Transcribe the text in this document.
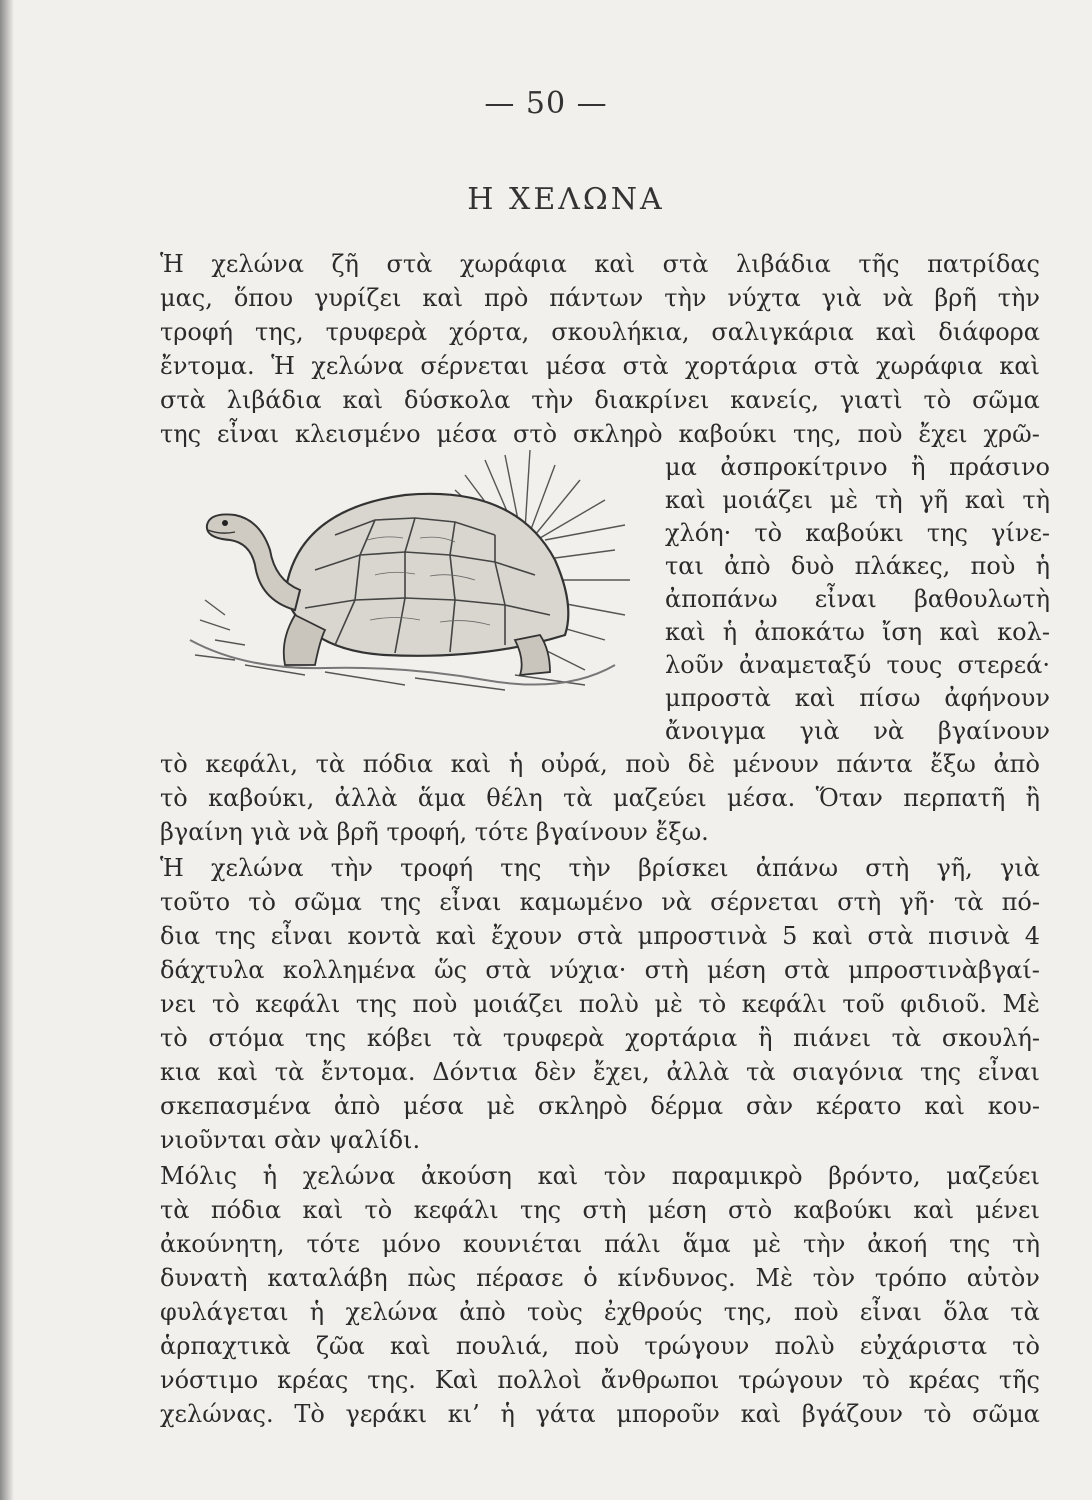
— 50 —
Η ΧΕΛΩΝΑ
Ἡ χελώνα ζῆ στὰ χωράφια καὶ στὰ λιβάδια τῆς πατρίδας
μας, ὅπου γυρίζει καὶ πρὸ πάντων τὴν νύχτα γιὰ νὰ βρῆ τὴν
τροφή της, τρυφερὰ χόρτα, σκουλήκια, σαλιγκάρια καὶ διάφορα
ἔντομα. Ἡ χελώνα σέρνεται μέσα στὰ χορτάρια στὰ χωράφια καὶ
στὰ λιβάδια καὶ δύσκολα τὴν διακρίνει κανείς, γιατὶ τὸ σῶμα
της εἶναι κλεισμένο μέσα στὸ σκληρὸ καβούκι της, ποὺ ἔχει χρῶ-
μα ἀσπροκίτρινο ἢ πράσινο
καὶ μοιάζει μὲ τὴ γῆ καὶ τὴ
χλόη· τὸ καβούκι της γίνε-
ται ἀπὸ δυὸ πλάκες, ποὺ ἡ
ἀποπάνω εἶναι βαθουλωτὴ
καὶ ἡ ἀποκάτω ἴση καὶ κολ-
λοῦν ἀναμεταξύ τους στερεά·
μπροστὰ καὶ πίσω ἀφήνουν
ἄνοιγμα γιὰ νὰ βγαίνουν
τὸ κεφάλι, τὰ πόδια καὶ ἡ οὐρά, ποὺ δὲ μένουν πάντα ἔξω ἀπὸ
τὸ καβούκι, ἀλλὰ ἅμα θέλη τὰ μαζεύει μέσα. Ὅταν περπατῆ ἢ
βγαίνη γιὰ νὰ βρῆ τροφή, τότε βγαίνουν ἔξω.
Ἡ χελώνα τὴν τροφή της τὴν βρίσκει ἀπάνω στὴ γῆ, γιὰ
τοῦτο τὸ σῶμα της εἶναι καμωμένο νὰ σέρνεται στὴ γῆ· τὰ πό-
δια της εἶναι κοντὰ καὶ ἔχουν στὰ μπροστινὰ 5 καὶ στὰ πισινὰ 4
δάχτυλα κολλημένα ὥς στὰ νύχια· στὴ μέση στὰ μπροστινὰβγαί-
νει τὸ κεφάλι της ποὺ μοιάζει πολὺ μὲ τὸ κεφάλι τοῦ φιδιοῦ. Μὲ
τὸ στόμα της κόβει τὰ τρυφερὰ χορτάρια ἢ πιάνει τὰ σκουλή-
κια καὶ τὰ ἔντομα. Δόντια δὲν ἔχει, ἀλλὰ τὰ σιαγόνια της εἶναι
σκεπασμένα ἀπὸ μέσα μὲ σκληρὸ δέρμα σὰν κέρατο καὶ κου-
νιοῦνται σὰν ψαλίδι.
Μόλις ἡ χελώνα ἀκούση καὶ τὸν παραμικρὸ βρόντο, μαζεύει
τὰ πόδια καὶ τὸ κεφάλι της στὴ μέση στὸ καβούκι καὶ μένει
ἀκούνητη, τότε μόνο κουνιέται πάλι ἅμα μὲ τὴν ἀκοή της τὴ
δυνατὴ καταλάβη πὼς πέρασε ὁ κίνδυνος. Μὲ τὸν τρόπο αὐτὸν
φυλάγεται ἡ χελώνα ἀπὸ τοὺς ἐχθρούς της, ποὺ εἶναι ὅλα τὰ
ἁρπαχτικὰ ζῶα καὶ πουλιά, ποὺ τρώγουν πολὺ εὐχάριστα τὸ
νόστιμο κρέας της. Καὶ πολλοὶ ἄνθρωποι τρώγουν τὸ κρέας τῆς
χελώνας. Τὸ γεράκι κι’ ἡ γάτα μποροῦν καὶ βγάζουν τὸ σῶμα
